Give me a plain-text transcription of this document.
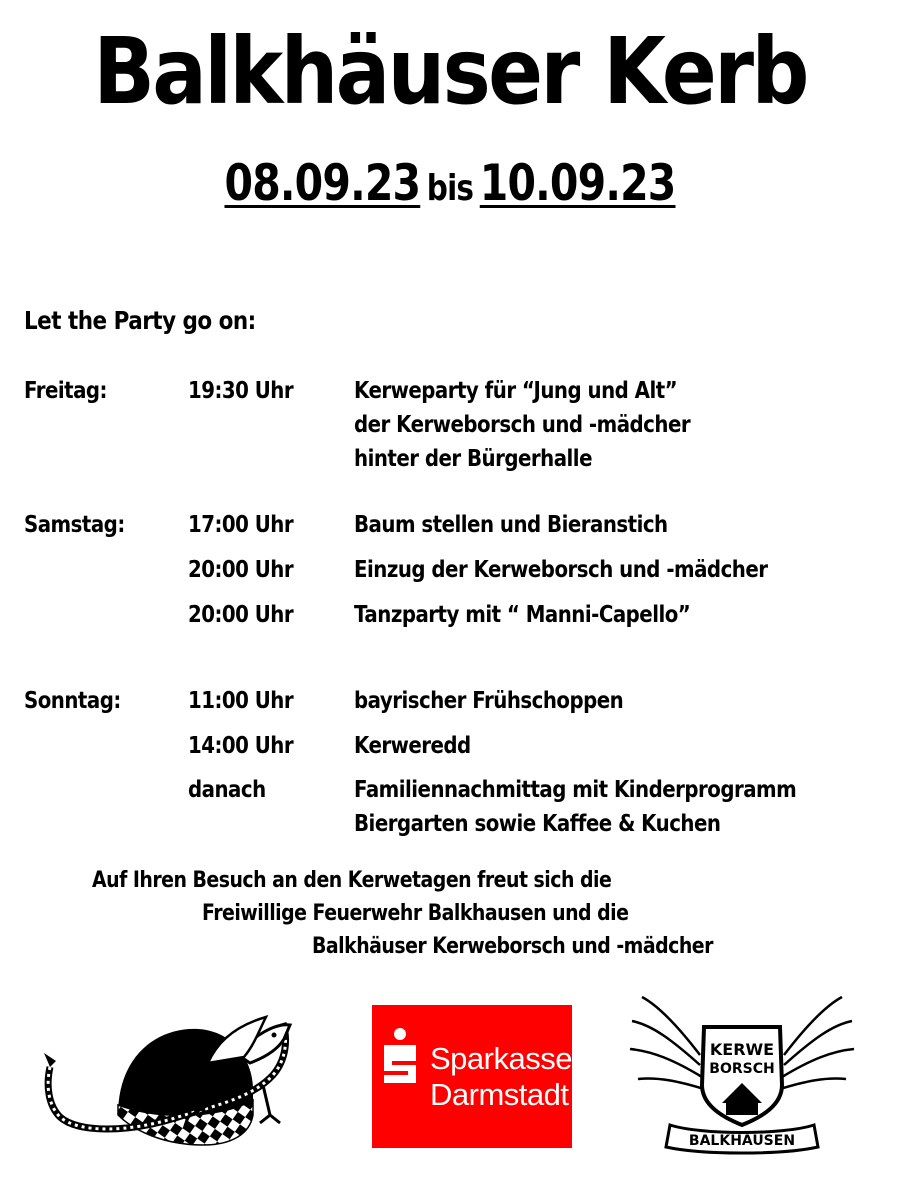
Balkhäuser Kerb
08.09.23 bis 10.09.23
Let the Party go on:
Freitag:	19:30 Uhr	Kerweparty für “Jung und Alt”
der Kerweborsch und -mädcher
hinter der Bürgerhalle
Samstag:	17:00 Uhr	Baum stellen und Bieranstich
20:00 Uhr	Einzug der Kerweborsch und -mädcher
20:00 Uhr	Tanzparty mit “ Manni-Capello”
Sonntag:	11:00 Uhr	bayrischer Frühschoppen
14:00 Uhr	Kerweredd
danach	Familiennachmittag mit Kinderprogramm
Biergarten sowie Kaffee & Kuchen
Auf Ihren Besuch an den Kerwetagen freut sich die
Freiwillige Feuerwehr Balkhausen und die
Balkhäuser Kerweborsch und -mädcher
Sparkasse
Darmstadt
KERWE
BORSCH
BALKHAUSEN
